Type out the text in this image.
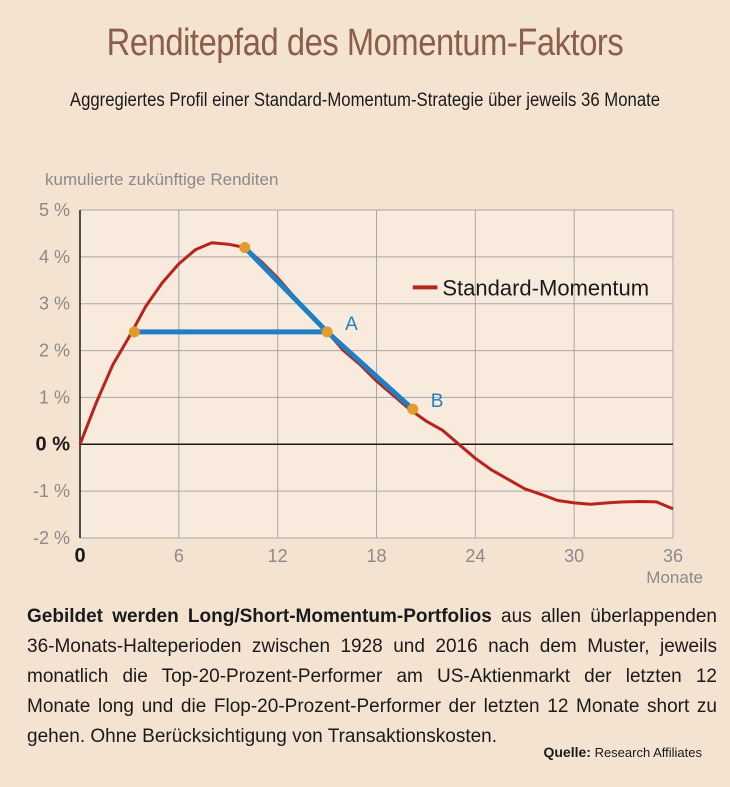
Renditepfad des Momentum-Faktors
Aggregiertes Profil einer Standard-Momentum-Strategie über jeweils 36 Monate
5 %
4 %
3 %
2 %
1 %
0 %
-1 %
-2 %
0	6	12	18	24	30	36
kumulierte zukünftige Renditen
Monate
Standard-Momentum
A
B
Gebildet werden Long/Short-Momentum-Portfolios aus allen überlappenden 36-Monats-Halteperioden zwischen 1928 und 2016 nach dem Muster, jeweils monatlich die Top-20-Prozent-Performer am US-Aktienmarkt der letzten 12 Monate long und die Flop-20-Prozent-Performer der letzten 12 Monate short zu gehen. Ohne Berücksichtigung von Transaktionskosten.
Quelle: Research Affiliates
